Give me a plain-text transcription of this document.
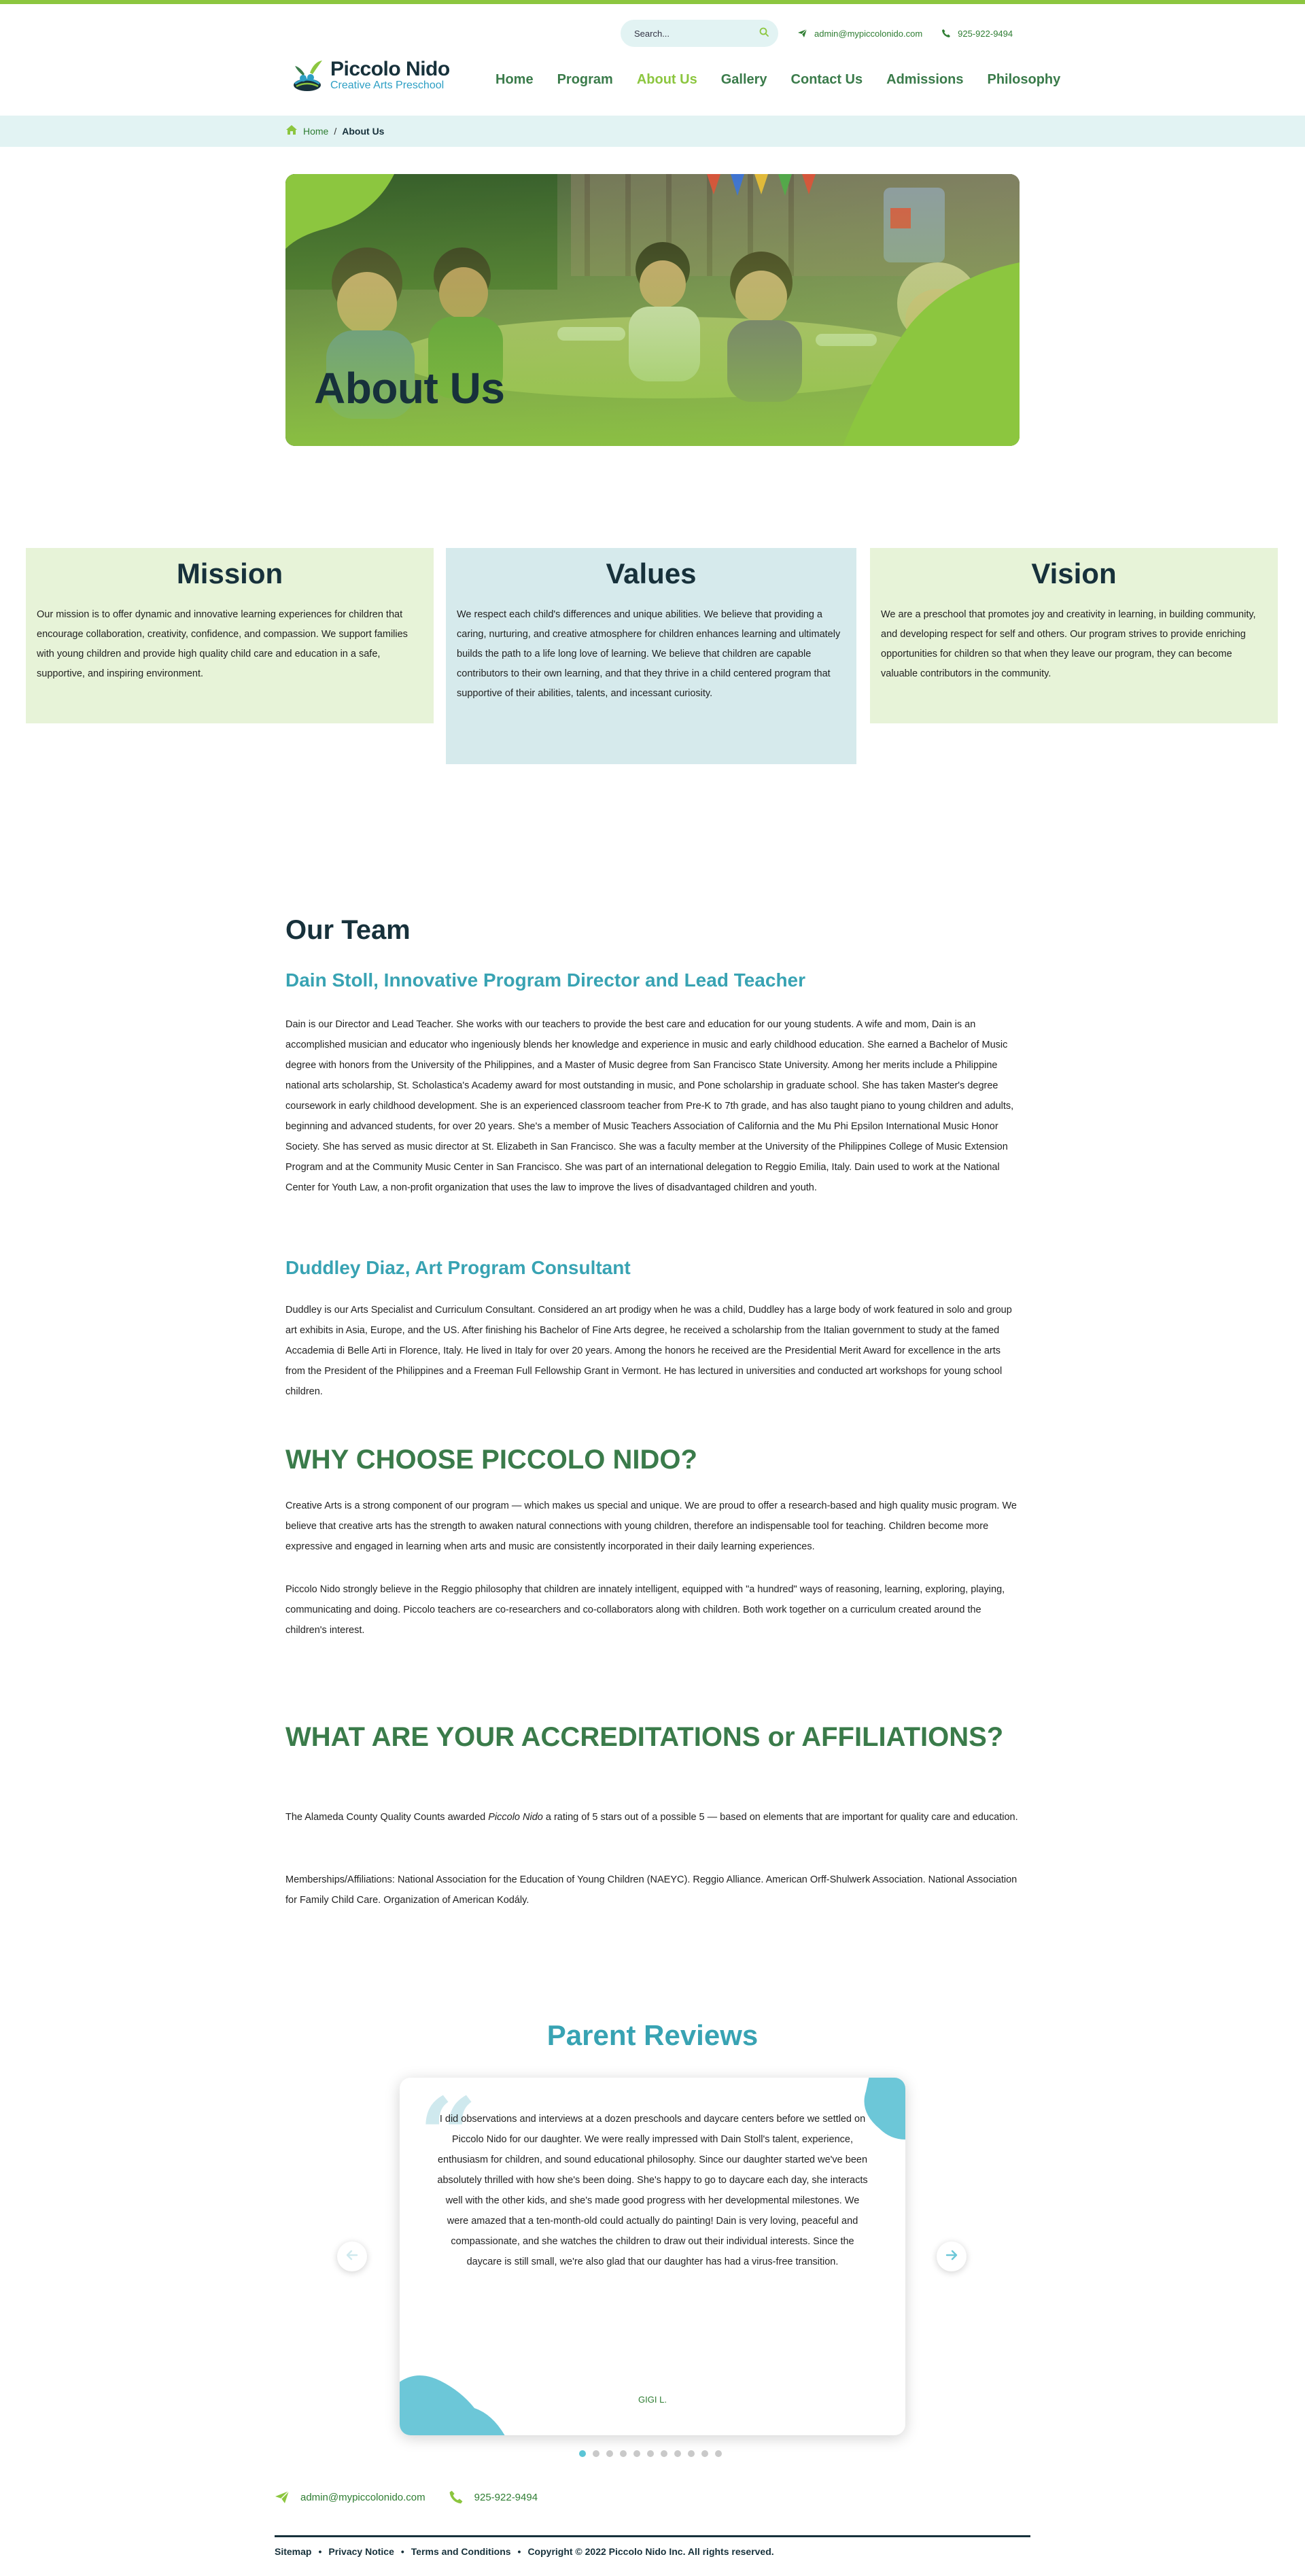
Search...
admin@mypiccolonido.com	925-922-9494
Piccolo Nido
Creative Arts Preschool	Home Program About Us Gallery Contact Us Admissions Philosophy
Home / About Us
About Us
Mission

Our mission is to offer dynamic and innovative learning experiences for children that encourage collaboration, creativity, confidence, and compassion. We support families with young children and provide high quality child care and education in a safe, supportive, and inspiring environment.

Values

We respect each child's differences and unique abilities. We believe that providing a caring, nurturing, and creative atmosphere for children enhances learning and ultimately builds the path to a life long love of learning. We believe that children are capable contributors to their own learning, and that they thrive in a child centered program that supportive of their abilities, talents, and incessant curiosity.

Vision

We are a preschool that promotes joy and creativity in learning, in building community, and developing respect for self and others. Our program strives to provide enriching opportunities for children so that when they leave our program, they can become valuable contributors in the community.

Our Team
Dain Stoll, Innovative Program Director and Lead Teacher
Dain is our Director and Lead Teacher. She works with our teachers to provide the best care and education for our young students. A wife and mom, Dain is an accomplished musician and educator who ingeniously blends her knowledge and experience in music and early childhood education. She earned a Bachelor of Music degree with honors from the University of the Philippines, and a Master of Music degree from San Francisco State University. Among her merits include a Philippine national arts scholarship, St. Scholastica's Academy award for most outstanding in music, and Pone scholarship in graduate school. She has taken Master's degree coursework in early childhood development. She is an experienced classroom teacher from Pre-K to 7th grade, and has also taught piano to young children and adults, beginning and advanced students, for over 20 years. She's a member of Music Teachers Association of California and the Mu Phi Epsilon International Music Honor Society. She has served as music director at St. Elizabeth in San Francisco. She was a faculty member at the University of the Philippines College of Music Extension Program and at the Community Music Center in San Francisco. She was part of an international delegation to Reggio Emilia, Italy. Dain used to work at the National Center for Youth Law, a non-profit organization that uses the law to improve the lives of disadvantaged children and youth.
Duddley Diaz, Art Program Consultant
Duddley is our Arts Specialist and Curriculum Consultant. Considered an art prodigy when he was a child, Duddley has a large body of work featured in solo and group art exhibits in Asia, Europe, and the US. After finishing his Bachelor of Fine Arts degree, he received a scholarship from the Italian government to study at the famed Accademia di Belle Arti in Florence, Italy. He lived in Italy for over 20 years. Among the honors he received are the Presidential Merit Award for excellence in the arts from the President of the Philippines and a Freeman Full Fellowship Grant in Vermont. He has lectured in universities and conducted art workshops for young school children.
WHY CHOOSE PICCOLO NIDO?
Creative Arts is a strong component of our program — which makes us special and unique. We are proud to offer a research-based and high quality music program. We believe that creative arts has the strength to awaken natural connections with young children, therefore an indispensable tool for teaching. Children become more expressive and engaged in learning when arts and music are consistently incorporated in their daily learning experiences.
Piccolo Nido strongly believe in the Reggio philosophy that children are innately intelligent, equipped with "a hundred" ways of reasoning, learning, exploring, playing, communicating and doing. Piccolo teachers are co-researchers and co-collaborators along with children. Both work together on a curriculum created around the children's interest.
WHAT ARE YOUR ACCREDITATIONS or AFFILIATIONS?
The Alameda County Quality Counts awarded Piccolo Nido a rating of 5 stars out of a possible 5 — based on elements that are important for quality care and education.
Memberships/Affiliations: National Association for the Education of Young Children (NAEYC). Reggio Alliance. American Orff-Shulwerk Association. National Association for Family Child Care. Organization of American Kodály.
Parent Reviews
“
I did observations and interviews at a dozen preschools and daycare centers before we settled on Piccolo Nido for our daughter. We were really impressed with Dain Stoll's talent, experience, enthusiasm for children, and sound educational philosophy. Since our daughter started we've been absolutely thrilled with how she's been doing. She's happy to go to daycare each day, she interacts well with the other kids, and she's made good progress with her developmental milestones. We were amazed that a ten-month-old could actually do painting! Dain is very loving, peaceful and compassionate, and she watches the children to draw out their individual interests. Since the daycare is still small, we're also glad that our daughter has had a virus-free transition.
GIGI L.
admin@mypiccolonido.com	925-922-9494
Sitemap • Privacy Notice • Terms and Conditions • Copyright © 2022 Piccolo Nido Inc. All rights reserved.
